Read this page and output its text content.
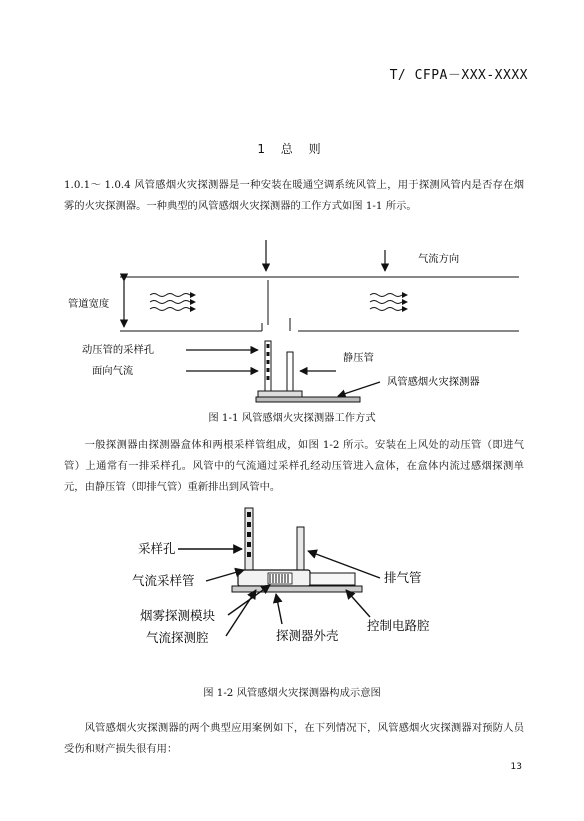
T/ CFPA－XXX-XXXX
1 总 则
1.0.1～ 1.0.4 风管感烟火灾探测器是一种安装在暖通空调系统风管上，用于探测风管内是否存在烟雾的火灾探测器。一种典型的风管感烟火灾探测器的工作方式如图 1-1 所示。
管道宽度
气流方向
动压管的采样孔
面向气流
静压管
风管感烟火灾探测器
图 1-1 风管感烟火灾探测器工作方式
一般探测器由探测器盒体和两根采样管组成，如图 1-2 所示。安装在上风处的动压管（即进气管）上通常有一排采样孔。风管中的气流通过采样孔经动压管进入盒体，在盒体内流过感烟探测单元，由静压管（即排气管）重新排出到风管中。
采样孔
气流采样管	排气管
烟雾探测模块
气流探测腔	探测器外壳
控制电路腔
图 1-2 风管感烟火灾探测器构成示意图
风管感烟火灾探测器的两个典型应用案例如下，在下列情况下，风管感烟火灾探测器对预防人员受伤和财产损失很有用：
13
